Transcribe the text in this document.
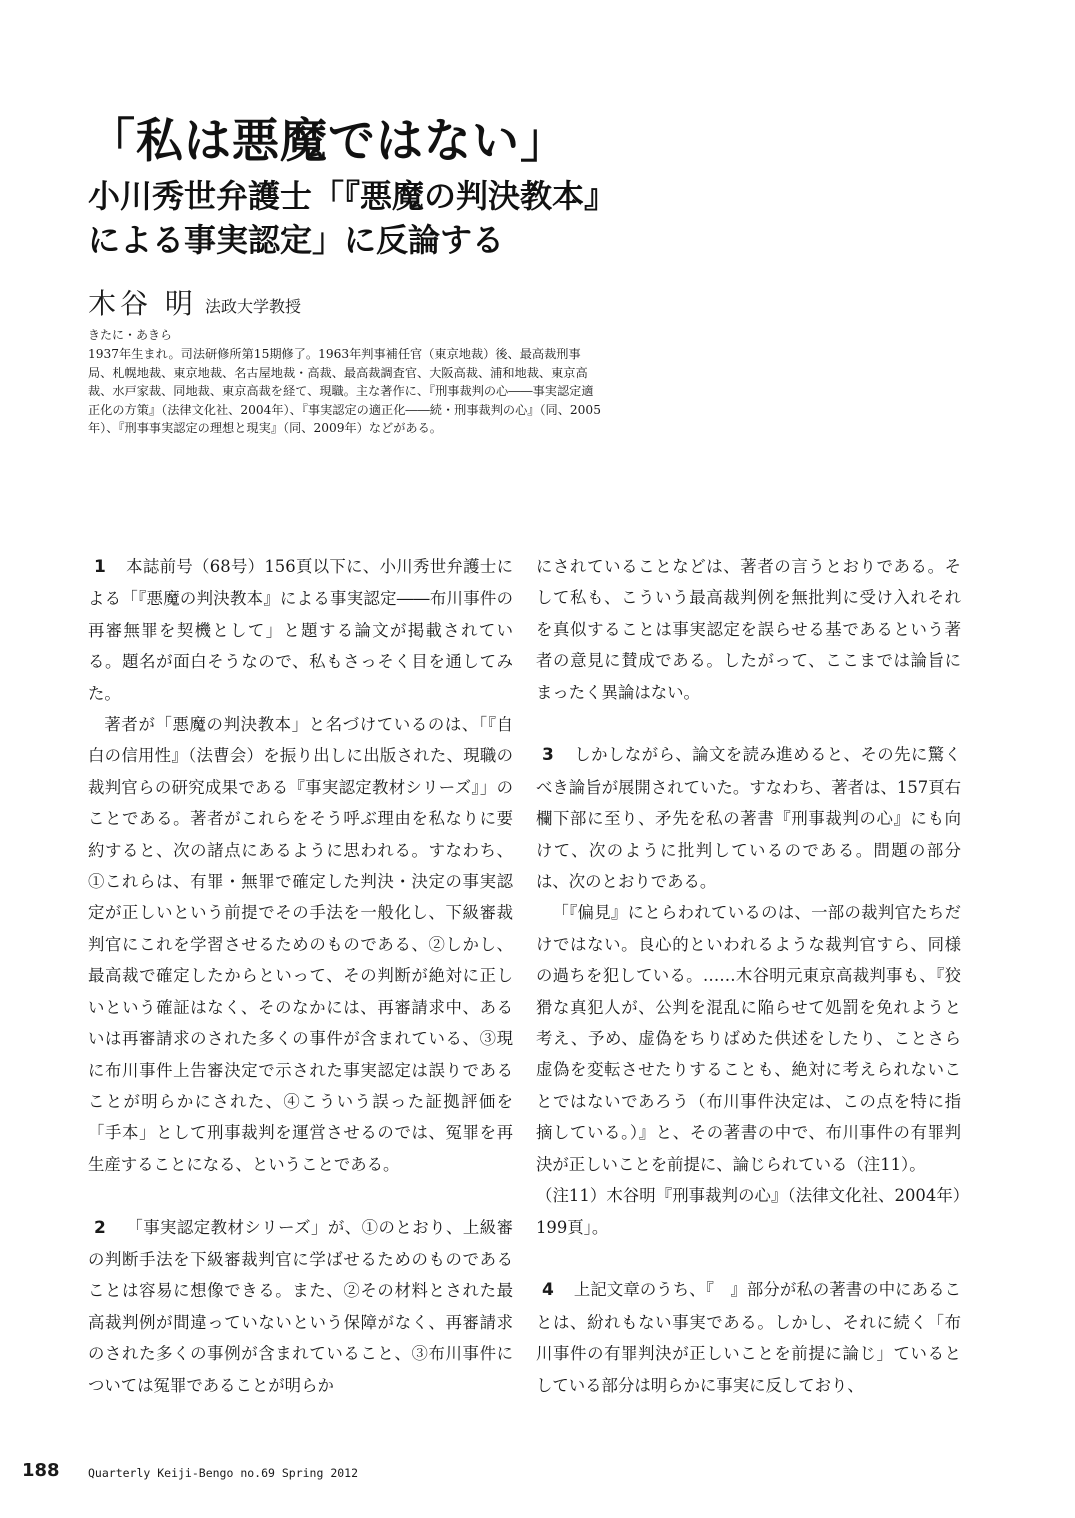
「私は悪魔ではない」
小川秀世弁護士「『悪魔の判決教本』
による事実認定」に反論する
木谷 明 法政大学教授
きたに・あきら

1937年生まれ。司法研修所第15期修了。1963年判事補任官（東京地裁）後、最高裁刑事局、札幌地裁、東京地裁、名古屋地裁・高裁、最高裁調査官、大阪高裁、浦和地裁、東京高裁、水戸家裁、同地裁、東京高裁を経て、現職。主な著作に、『刑事裁判の心――事実認定適正化の方策』（法律文化社、2004年）、『事実認定の適正化――続・刑事裁判の心』（同、2005年）、『刑事事実認定の理想と現実』（同、2009年）などがある。

1 本誌前号（68号）156頁以下に、小川秀世弁護士による「『悪魔の判決教本』による事実認定――布川事件の再審無罪を契機として」と題する論文が掲載されている。題名が面白そうなので、私もさっそく目を通してみた。

著者が「悪魔の判決教本」と名づけているのは、「『自白の信用性』（法曹会）を振り出しに出版された、現職の裁判官らの研究成果である『事実認定教材シリーズ』」のことである。著者がこれらをそう呼ぶ理由を私なりに要約すると、次の諸点にあるように思われる。すなわち、①これらは、有罪・無罪で確定した判決・決定の事実認定が正しいという前提でその手法を一般化し、下級審裁判官にこれを学習させるためのものである、②しかし、最高裁で確定したからといって、その判断が絶対に正しいという確証はなく、そのなかには、再審請求中、あるいは再審請求のされた多くの事件が含まれている、③現に布川事件上告審決定で示された事実認定は誤りであることが明らかにされた、④こういう誤った証拠評価を「手本」として刑事裁判を運営させるのでは、冤罪を再生産することになる、ということである。

2 「事実認定教材シリーズ」が、①のとおり、上級審の判断手法を下級審裁判官に学ばせるためのものであることは容易に想像できる。また、②その材料とされた最高裁判例が間違っていないという保障がなく、再審請求のされた多くの事例が含まれていること、③布川事件については冤罪であることが明らか

にされていることなどは、著者の言うとおりである。そして私も、こういう最高裁判例を無批判に受け入れそれを真似することは事実認定を誤らせる基であるという著者の意見に賛成である。したがって、ここまでは論旨にまったく異論はない。

3 しかしながら、論文を読み進めると、その先に驚くべき論旨が展開されていた。すなわち、著者は、157頁右欄下部に至り、矛先を私の著書『刑事裁判の心』にも向けて、次のように批判しているのである。問題の部分は、次のとおりである。

「『偏見』にとらわれているのは、一部の裁判官たちだけではない。良心的といわれるような裁判官すら、同様の過ちを犯している。……木谷明元東京高裁判事も、『狡猾な真犯人が、公判を混乱に陥らせて処罰を免れようと考え、予め、虚偽をちりばめた供述をしたり、ことさら虚偽を変転させたりすることも、絶対に考えられないことではないであろう（布川事件決定は、この点を特に指摘している。）』と、その著書の中で、布川事件の有罪判決が正しいことを前提に、論じられている（注11）。

（注11）木谷明『刑事裁判の心』（法律文化社、2004年）199頁」。

4 上記文章のうち、『　』部分が私の著書の中にあることは、紛れもない事実である。しかし、それに続く「布川事件の有罪判決が正しいことを前提に論じ」ているとしている部分は明らかに事実に反しており、

188 Quarterly Keiji-Bengo no.69 Spring 2012
